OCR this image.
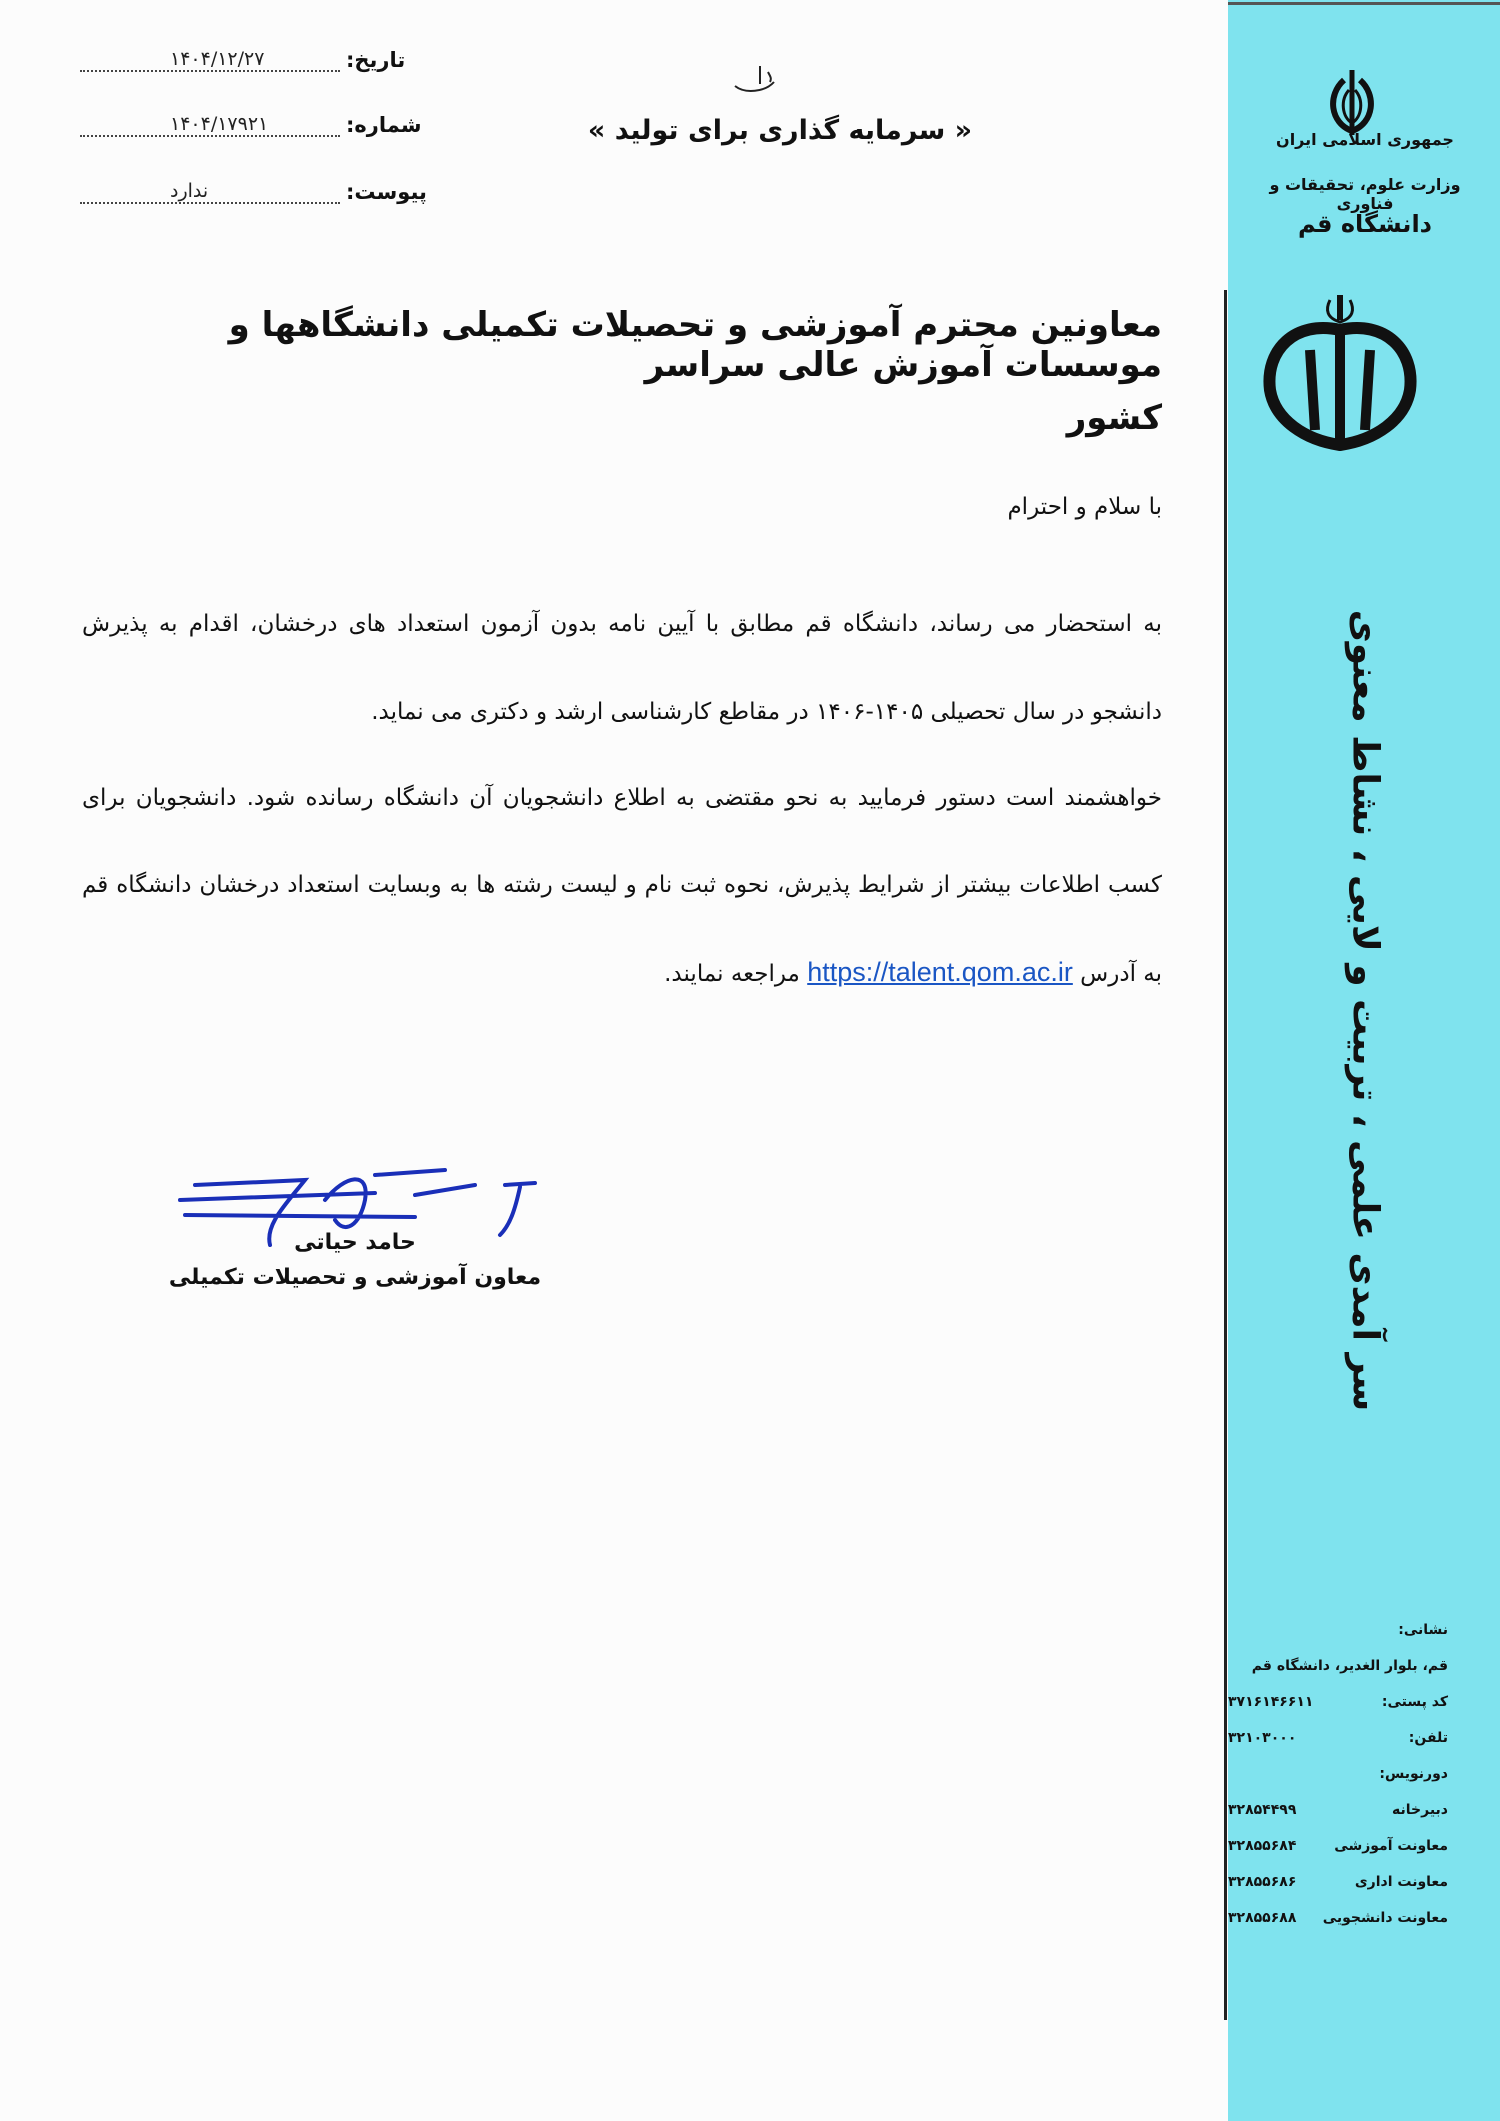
جمهوری اسلامی ایران
وزارت علوم، تحقیقات و فناوری
دانشگاه قم
سر آمدی علمی ، تربیت و لایی ، نشاط معنوی
نشانی:
قم، بلوار الغدیر، دانشگاه قم
کد پستی:
۳۷۱۶۱۴۶۶۱۱
تلفن:
۳۲۱۰۳۰۰۰
دورنویس:
دبیرخانه
۳۲۸۵۴۴۹۹
معاونت آموزشی
۳۲۸۵۵۶۸۴
معاونت اداری
۳۲۸۵۵۶۸۶
معاونت دانشجویی
۳۲۸۵۵۶۸۸
تاریخ:
۱۴۰۴/۱۲/۲۷
شماره:
۱۴۰۴/۱۷۹۲۱
پیوست:
ندارد
« سرمایه گذاری برای تولید »
معاونین محترم آموزشی و تحصیلات تکمیلی دانشگاهها و موسسات آموزش عالی سراسر
کشور
با سلام و احترام
به استحضار می رساند، دانشگاه قم مطابق با آیین نامه بدون آزمون استعداد های درخشان، اقدام به پذیرش دانشجو در سال تحصیلی ۱۴۰۵-۱۴۰۶ در مقاطع کارشناسی ارشد و دکتری می نماید.
خواهشمند است دستور فرمایید به نحو مقتضی به اطلاع دانشجویان آن دانشگاه رسانده شود. دانشجویان برای کسب اطلاعات بیشتر از شرایط پذیرش، نحوه ثبت نام و لیست رشته ها به وبسایت استعداد درخشان دانشگاه قم به آدرس https://talent.qom.ac.ir مراجعه نمایند.
حامد حیاتی
معاون آموزشی و تحصیلات تکمیلی
